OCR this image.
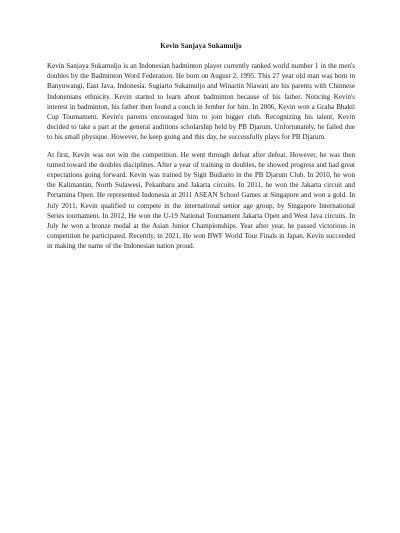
Kevin Sanjaya Sukamuljo

Kevin Sanjaya Sukamuljo is an Indonesian badminton player currently ranked world number 1 in the men's doubles by the Badminton Word Federation. He born on August 2, 1995. This 27 year old man was born in Banyuwangi, East Java, Indonesia. Sugiarto Sukamuljo and Winartin Niawati are his parents with Chinnese Indonenians ethnicity. Kevin started to learn about badminton because of his father. Noticing Kevin's interest in badminton, his father then found a couch in Jember for him. In 2006, Kevin won a Graha Bhakti Cup Tournament. Kevin's parents encouraged him to join bigger club. Recognizing his talent, Kevin decided to take a part at the general auditions scholarship held by PB Djarum. Unfortunately, he failed due to his small physique. However, he keep going and this day, he successfully plays for PB Djarum.

At first, Kevin was not win the competition. He went through defeat after defeat. However, he was then turned toward the doubles disciplines. After a year of training in doubles, he showed progress and had great expectations going forward. Kevin was trained by Sigit Budiarto in the PB Djarum Club. In 2010, he won the Kalimantan, North Sulawesi, Pekanbaru and Jakarta circuits. In 2011, he won the Jakarta circuit and Pertamina Open. He represented Indonesia at 2011 ASEAN School Games at Singapore and won a gold. In July 2011, Kevin qualified to compete in the international senior age group, by Singapore International Series tournament. In 2012, He won the U-19 National Tournament Jakarta Open and West Java circuits. In July he won a bronze medal at the Asian Junior Championships. Year after year, he passed victorious in competition he participated. Recently, in 2021, He won BWF World Tour Finals in Japan. Kevin succeeded in making the name of the Indonesian nation proud.
